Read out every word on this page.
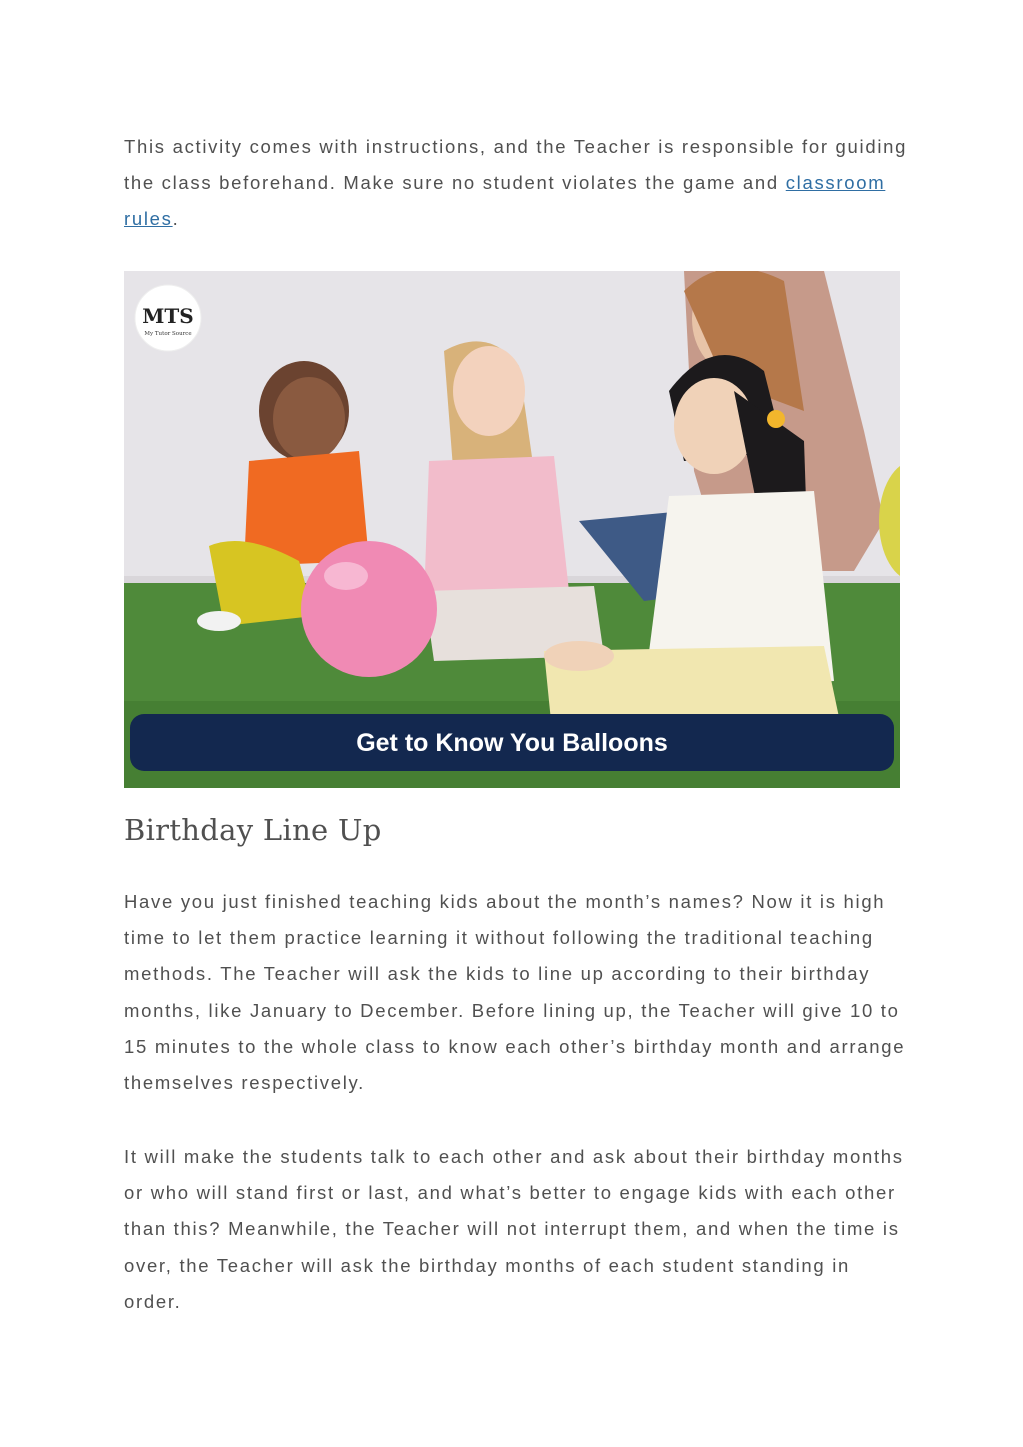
This activity comes with instructions, and the Teacher is responsible for guiding the class beforehand. Make sure no student violates the game and classroom rules.

MTS
My Tutor Source
Get to Know You Balloons
Birthday Line Up

Have you just finished teaching kids about the month’s names? Now it is high time to let them practice learning it without following the traditional teaching methods. The Teacher will ask the kids to line up according to their birthday months, like January to December. Before lining up, the Teacher will give 10 to 15 minutes to the whole class to know each other’s birthday month and arrange themselves respectively.

It will make the students talk to each other and ask about their birthday months or who will stand first or last, and what’s better to engage kids with each other than this? Meanwhile, the Teacher will not interrupt them, and when the time is over, the Teacher will ask the birthday months of each student standing in order.
